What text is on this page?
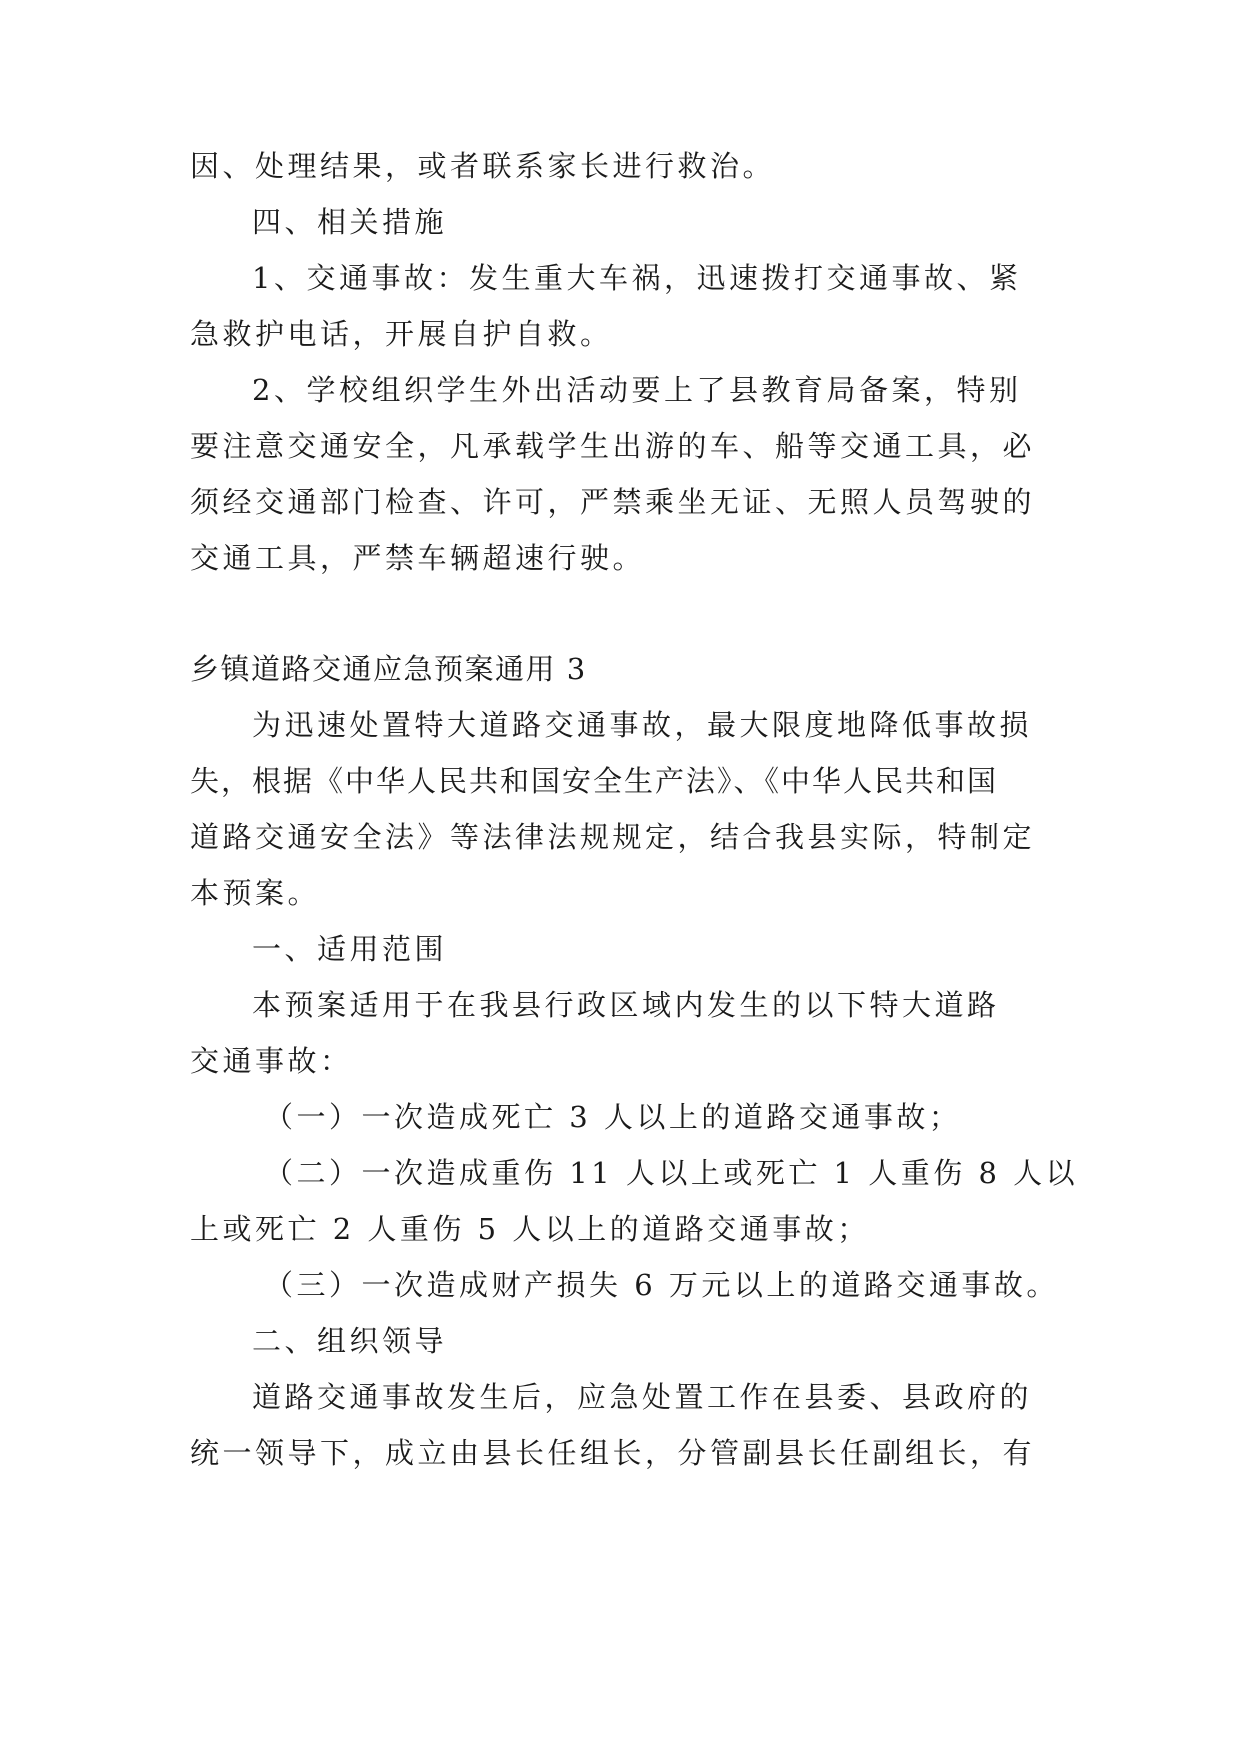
因、处理结果，或者联系家长进行救治。
四、相关措施
1、交通事故：发生重大车祸，迅速拨打交通事故、紧
急救护电话，开展自护自救。
2、学校组织学生外出活动要上了县教育局备案，特别
要注意交通安全，凡承载学生出游的车、船等交通工具，必
须经交通部门检查、许可，严禁乘坐无证、无照人员驾驶的
交通工具，严禁车辆超速行驶。
乡镇道路交通应急预案通用 3
为迅速处置特大道路交通事故，最大限度地降低事故损
失，根据《中华人民共和国安全生产法》、《中华人民共和国
道路交通安全法》等法律法规规定，结合我县实际，特制定
本预案。
一、适用范围
本预案适用于在我县行政区域内发生的以下特大道路
交通事故：
（一）一次造成死亡 3 人以上的道路交通事故；
（二）一次造成重伤 11 人以上或死亡 1 人重伤 8 人以
上或死亡 2 人重伤 5 人以上的道路交通事故；
（三）一次造成财产损失 6 万元以上的道路交通事故。
二、组织领导
道路交通事故发生后，应急处置工作在县委、县政府的
统一领导下，成立由县长任组长，分管副县长任副组长，有
